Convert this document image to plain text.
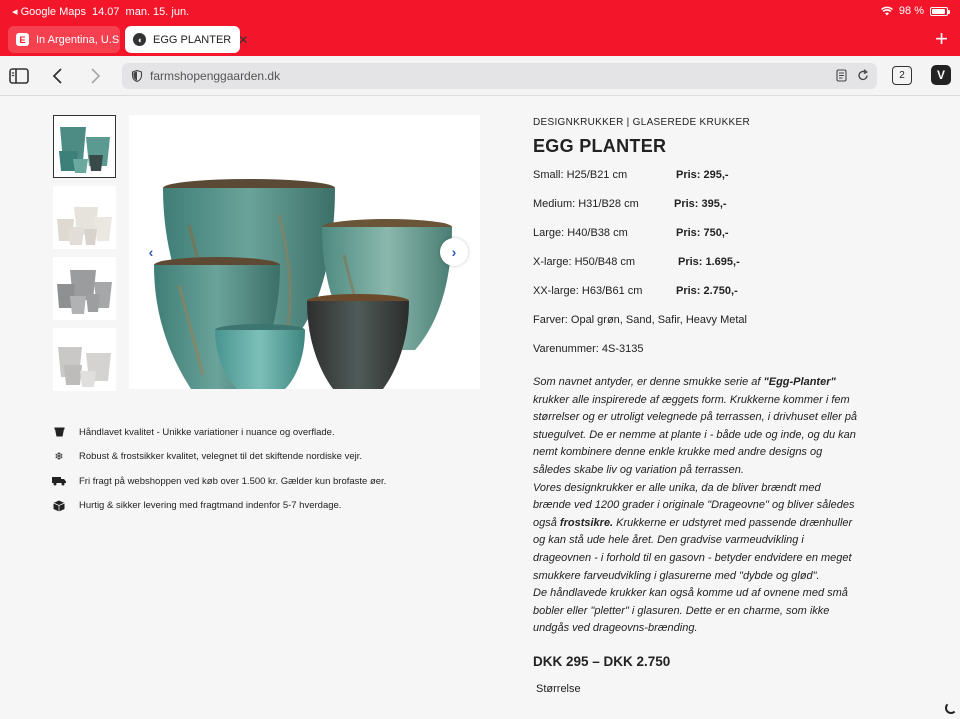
◂ Google Maps 14.07 man. 15. jun.	98 %
E In Argentina, U.S	◖ EGG PLANTER ✕	+
farmshopenggaarden.dk	2	V
‹	›
Håndlavet kvalitet - Unikke variationer i nuance og overflade.
❄ Robust & frostsikker kvalitet, velegnet til det skiftende nordiske vejr.
Fri fragt på webshoppen ved køb over 1.500 kr. Gælder kun brofaste øer.
Hurtig & sikker levering med fragtmand indenfor 5-7 hverdage.
DESIGNKRUKKER | GLASEREDE KRUKKER
EGG PLANTER
Small: H25/B21 cm	Pris: 295,-
Medium: H31/B28 cm	Pris: 395,-
Large: H40/B38 cm	Pris: 750,-
X-large: H50/B48 cm	Pris: 1.695,-
XX-large: H63/B61 cm	Pris: 2.750,-
Farver: Opal grøn, Sand, Safir, Heavy Metal
Varenummer: 4S-3135
Som navnet antyder, er denne smukke serie af "Egg-Planter" krukker alle inspirerede af æggets form. Krukkerne kommer i fem størrelser og er utroligt velegnede på terrassen, i drivhuset eller på stuegulvet. De er nemme at plante i - både ude og inde, og du kan nemt kombinere denne enkle krukke med andre designs og således skabe liv og variation på terrassen.
Vores designkrukker er alle unika, da de bliver brændt med brænde ved 1200 grader i originale "Drageovne" og bliver således også frostsikre. Krukkerne er udstyret med passende drænhuller og kan stå ude hele året. Den gradvise varmeudvikling i drageovnen - i forhold til en gasovn - betyder endvidere en meget smukkere farveudvikling i glasurerne med "dybde og glød".
De håndlavede krukker kan også komme ud af ovnene med små bobler eller "pletter" i glasuren. Dette er en charme, som ikke undgås ved drageovns-brænding.
DKK 295 – DKK 2.750
Størrelse
